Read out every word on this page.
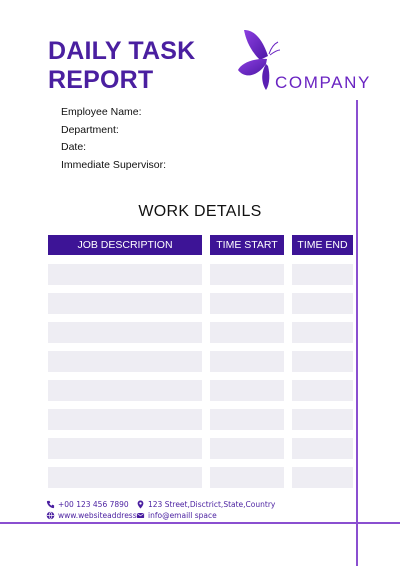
DAILY TASK
REPORT	COMPANY
Employee Name:
Department:
Date:
Immediate Supervisor:
WORK DETAILS
JOB DESCRIPTION	TIME START	TIME END
+00 123 456 7890	123 Street,Disctrict,State,Country
www.websiteaddress	info@emaill space
